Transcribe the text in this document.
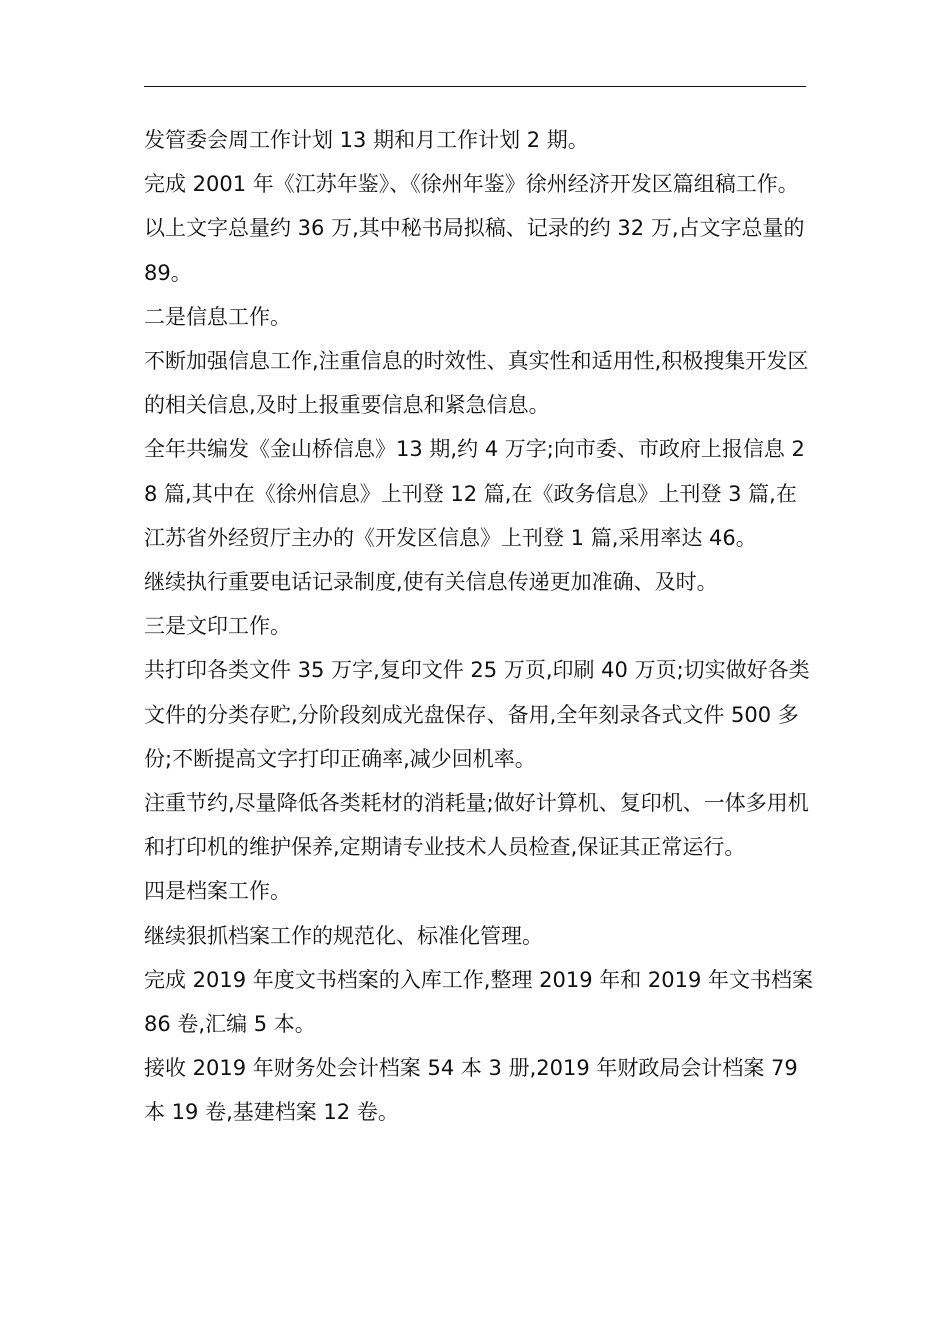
发管委会周工作计划 13 期和月工作计划 2 期。

完成 2001 年《江苏年鉴》、《徐州年鉴》徐州经济开发区篇组稿工作。

以上文字总量约 36 万,其中秘书局拟稿、记录的约 32 万,占文字总量的 89。

二是信息工作。

不断加强信息工作,注重信息的时效性、真实性和适用性,积极搜集开发区的相关信息,及时上报重要信息和紧急信息。

全年共编发《金山桥信息》13 期,约 4 万字;向市委、市政府上报信息 28 篇,其中在《徐州信息》上刊登 12 篇,在《政务信息》上刊登 3 篇,在江苏省外经贸厅主办的《开发区信息》上刊登 1 篇,采用率达 46。

继续执行重要电话记录制度,使有关信息传递更加准确、及时。

三是文印工作。

共打印各类文件 35 万字,复印文件 25 万页,印刷 40 万页;切实做好各类文件的分类存贮,分阶段刻成光盘保存、备用,全年刻录各式文件 500 多份;不断提高文字打印正确率,减少回机率。

注重节约,尽量降低各类耗材的消耗量;做好计算机、复印机、一体多用机和打印机的维护保养,定期请专业技术人员检查,保证其正常运行。

四是档案工作。

继续狠抓档案工作的规范化、标准化管理。

完成 2019 年度文书档案的入库工作,整理 2019 年和 2019 年文书档案 86 卷,汇编 5 本。

接收 2019 年财务处会计档案 54 本 3 册,2019 年财政局会计档案 79 本 19 卷,基建档案 12 卷。
